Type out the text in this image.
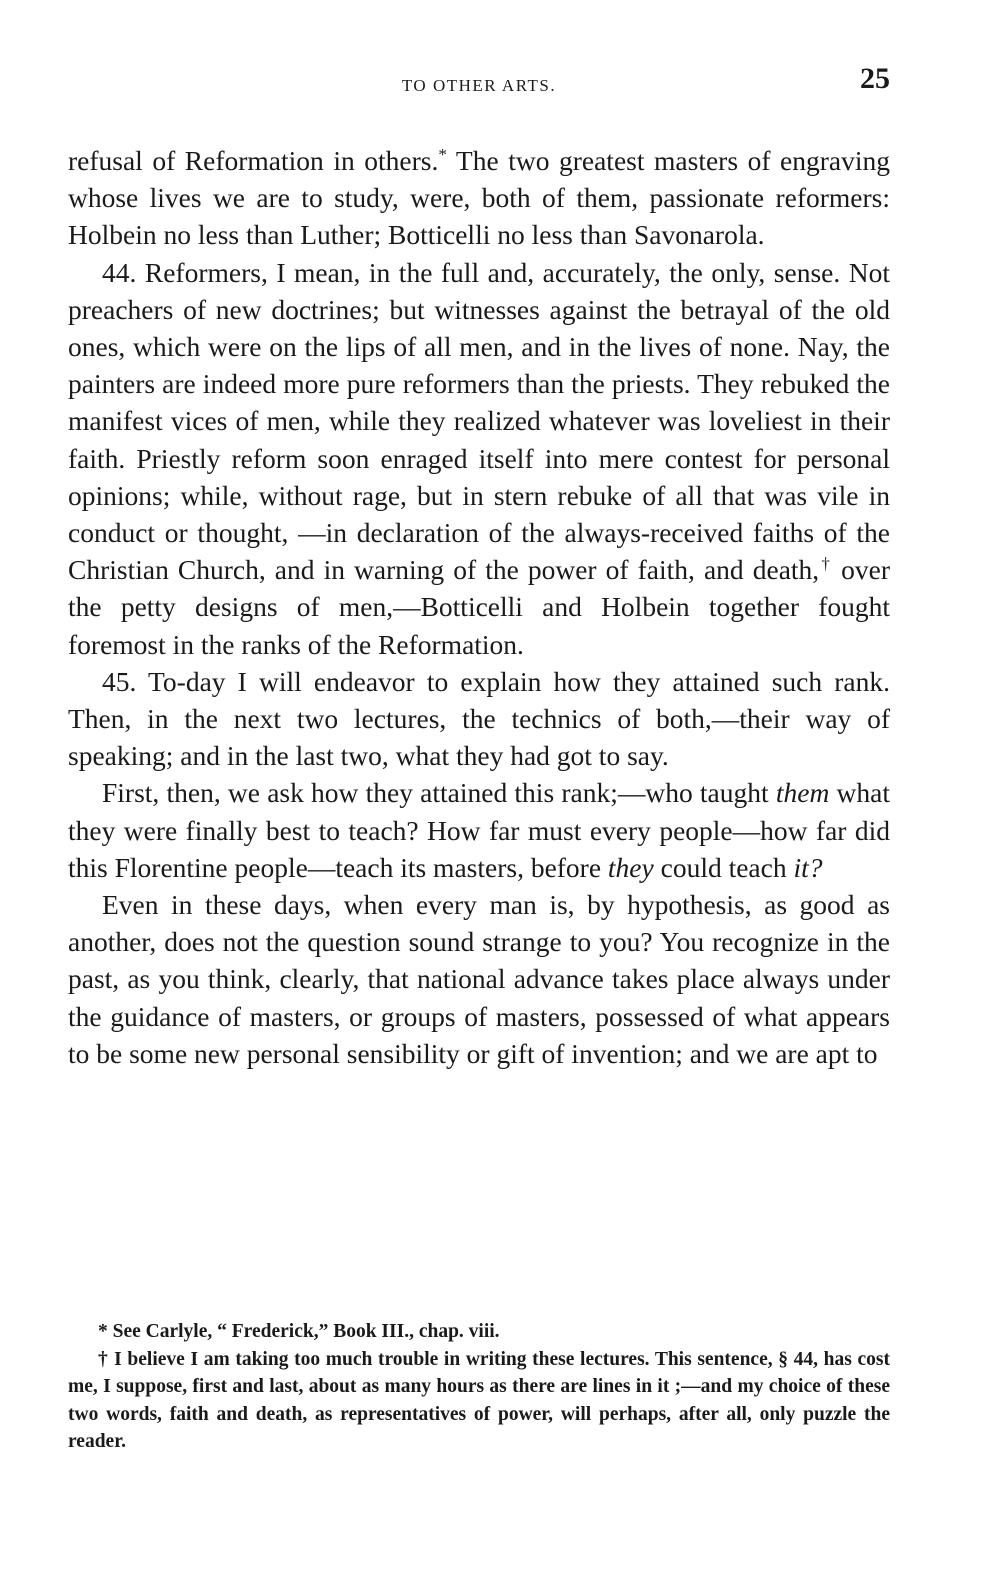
TO OTHER ARTS.	25

refusal of Reformation in others.* The two greatest masters of engraving whose lives we are to study, were, both of them, passionate reformers: Holbein no less than Luther; Botticelli no less than Savonarola.

44. Reformers, I mean, in the full and, accurately, the only, sense. Not preachers of new doctrines; but witnesses against the betrayal of the old ones, which were on the lips of all men, and in the lives of none. Nay, the painters are indeed more pure reformers than the priests. They rebuked the manifest vices of men, while they realized whatever was loveliest in their faith. Priestly reform soon enraged itself into mere contest for personal opinions; while, without rage, but in stern rebuke of all that was vile in conduct or thought, —in declaration of the always-received faiths of the Christian Church, and in warning of the power of faith, and death,† over the petty designs of men,—Botticelli and Holbein together fought foremost in the ranks of the Reformation.

45. To-day I will endeavor to explain how they attained such rank. Then, in the next two lectures, the technics of both,—their way of speaking; and in the last two, what they had got to say.

First, then, we ask how they attained this rank;—who taught them what they were finally best to teach? How far must every people—how far did this Florentine people—teach its masters, before they could teach it?

Even in these days, when every man is, by hypothesis, as good as another, does not the question sound strange to you? You recognize in the past, as you think, clearly, that national advance takes place always under the guidance of masters, or groups of masters, possessed of what appears to be some new personal sensibility or gift of invention; and we are apt to

* See Carlyle, “ Frederick,” Book III., chap. viii.

† I believe I am taking too much trouble in writing these lectures. This sentence, § 44, has cost me, I suppose, first and last, about as many hours as there are lines in it ;—and my choice of these two words, faith and death, as representatives of power, will perhaps, after all, only puzzle the reader.
